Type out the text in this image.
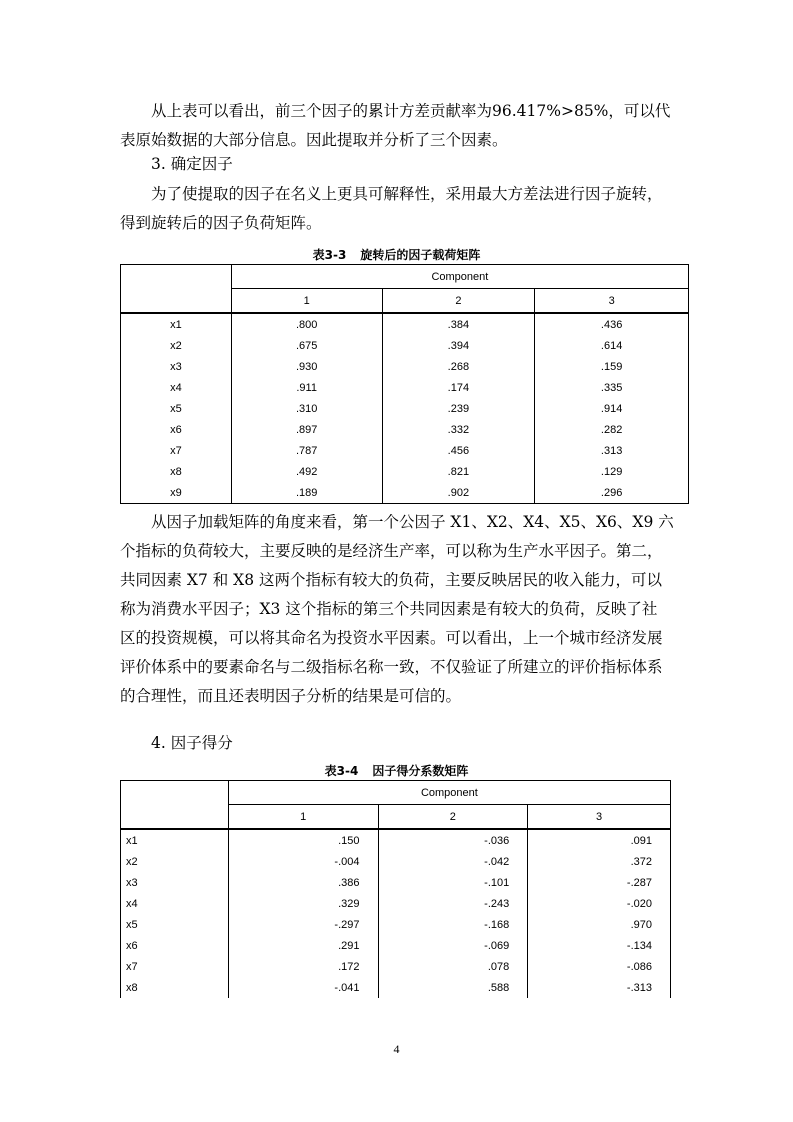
从上表可以看出，前三个因子的累计方差贡献率为96.417%>85%，可以代
表原始数据的大部分信息。因此提取并分析了三个因素。

3. 确定因子

为了使提取的因子在名义上更具可解释性，采用最大方差法进行因子旋转，
得到旋转后的因子负荷矩阵。

表3-3 旋转后的因子载荷矩阵
	Component		
	1	2	3
x1	.800	.384	.436
x2	.675	.394	.614
x3	.930	.268	.159
x4	.911	.174	.335
x5	.310	.239	.914
x6	.897	.332	.282
x7	.787	.456	.313
x8	.492	.821	.129
x9	.189	.902	.296

从因子加载矩阵的角度来看，第一个公因子 X1、X2、X4、X5、X6、X9 六
个指标的负荷较大，主要反映的是经济生产率，可以称为生产水平因子。第二，
共同因素 X7 和 X8 这两个指标有较大的负荷，主要反映居民的收入能力，可以
称为消费水平因子；X3 这个指标的第三个共同因素是有较大的负荷，反映了社
区的投资规模，可以将其命名为投资水平因素。可以看出，上一个城市经济发展
评价体系中的要素命名与二级指标名称一致，不仅验证了所建立的评价指标体系
的合理性，而且还表明因子分析的结果是可信的。

4. 因子得分

表3-4 因子得分系数矩阵
	Component		
	1	2	3
x1	.150	-.036	.091
x2	-.004	-.042	.372
x3	.386	-.101	-.287
x4	.329	-.243	-.020
x5	-.297	-.168	.970
x6	.291	-.069	-.134
x7	.172	.078	-.086
x8	-.041	.588	-.313
4
